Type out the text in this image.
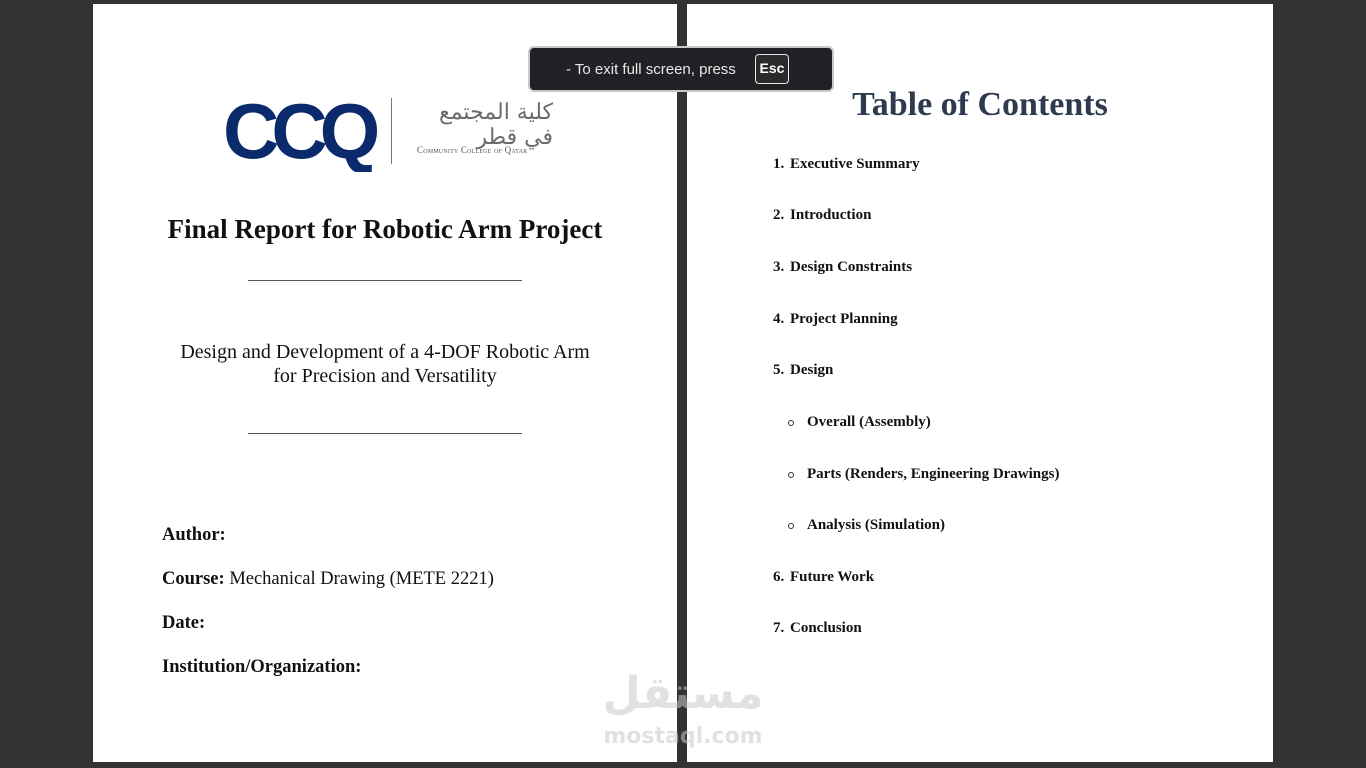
CCQ	كلية المجتمع في قطر
Community College of Qatar
Final Report for Robotic Arm Project
Design and Development of a 4-DOF Robotic Arm
for Precision and Versatility
Author:
Course: Mechanical Drawing (METE 2221)
Date:
Institution/Organization:
Table of Contents
1. Executive Summary
2. Introduction
3. Design Constraints
4. Project Planning
5. Design
Overall (Assembly)
Parts (Renders, Engineering Drawings)
Analysis (Simulation)
6. Future Work
7. Conclusion
- To exit full screen, press	Esc
مستقل
mostaql.com
